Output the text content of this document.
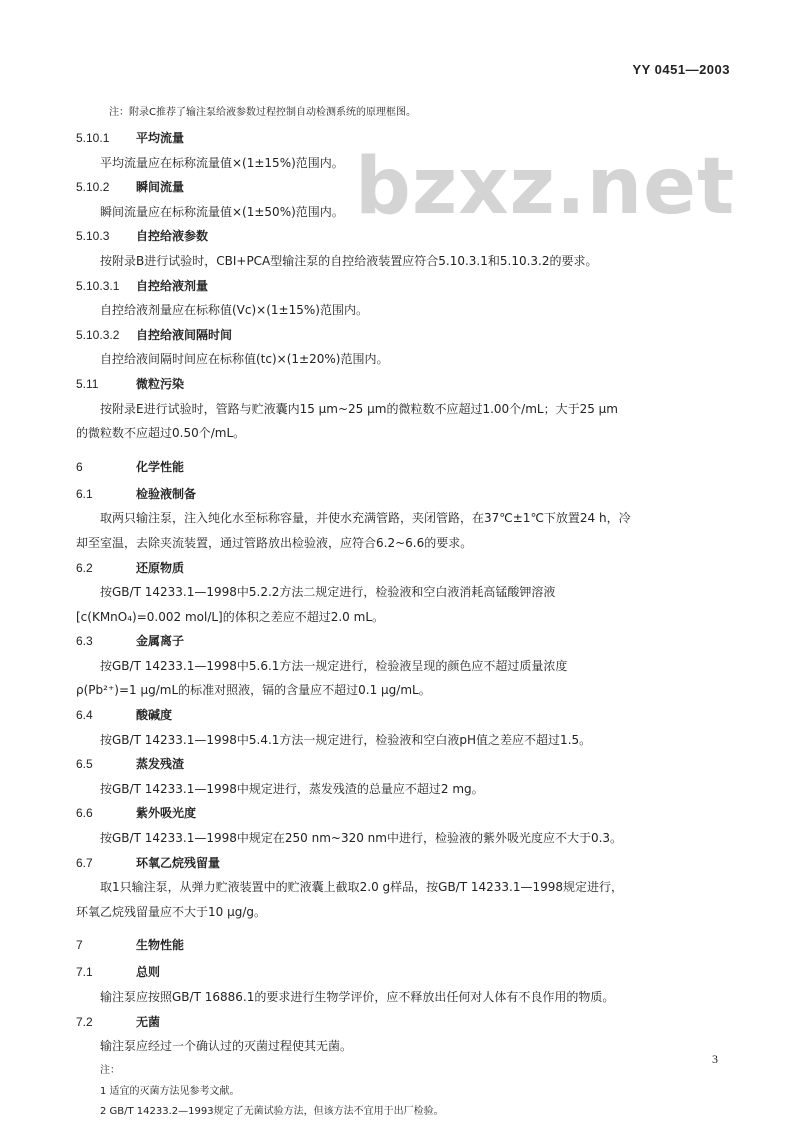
YY 0451—2003
bzxz.net
注：附录C推荐了输注泵给液参数过程控制自动检测系统的原理框图。
5.10.1 平均流量
平均流量应在标称流量值×(1±15%)范围内。
5.10.2 瞬间流量
瞬间流量应在标称流量值×(1±50%)范围内。
5.10.3 自控给液参数
按附录B进行试验时，CBI+PCA型输注泵的自控给液装置应符合5.10.3.1和5.10.3.2的要求。
5.10.3.1 自控给液剂量
自控给液剂量应在标称值(Vc)×(1±15%)范围内。
5.10.3.2 自控给液间隔时间
自控给液间隔时间应在标称值(tc)×(1±20%)范围内。
5.11	微粒污染
按附录E进行试验时，管路与贮液囊内15 μm~25 μm的微粒数不应超过1.00个/mL；大于25 μm
的微粒数不应超过0.50个/mL。
6	化学性能
6.1	检验液制备
取两只输注泵，注入纯化水至标称容量，并使水充满管路，夹闭管路，在37℃±1℃下放置24 h，冷
却至室温，去除夹流装置，通过管路放出检验液，应符合6.2~6.6的要求。
6.2	还原物质
按GB/T 14233.1—1998中5.2.2方法二规定进行，检验液和空白液消耗高锰酸钾溶液
[c(KMnO₄)=0.002 mol/L]的体积之差应不超过2.0 mL。
6.3	金属离子
按GB/T 14233.1—1998中5.6.1方法一规定进行，检验液呈现的颜色应不超过质量浓度
ρ(Pb²⁺)=1 μg/mL的标准对照液，镉的含量应不超过0.1 μg/mL。
6.4	酸碱度
按GB/T 14233.1—1998中5.4.1方法一规定进行，检验液和空白液pH值之差应不超过1.5。
6.5	蒸发残渣
按GB/T 14233.1—1998中规定进行，蒸发残渣的总量应不超过2 mg。
6.6	紫外吸光度
按GB/T 14233.1—1998中规定在250 nm~320 nm中进行，检验液的紫外吸光度应不大于0.3。
6.7	环氧乙烷残留量
取1只输注泵，从弹力贮液装置中的贮液囊上截取2.0 g样品，按GB/T 14233.1—1998规定进行，
环氧乙烷残留量应不大于10 μg/g。
7	生物性能
7.1	总则
输注泵应按照GB/T 16886.1的要求进行生物学评价，应不释放出任何对人体有不良作用的物质。
7.2	无菌
输注泵应经过一个确认过的灭菌过程使其无菌。
注：
1 适宜的灭菌方法见参考文献。
2 GB/T 14233.2—1993规定了无菌试验方法，但该方法不宜用于出厂检验。
3
